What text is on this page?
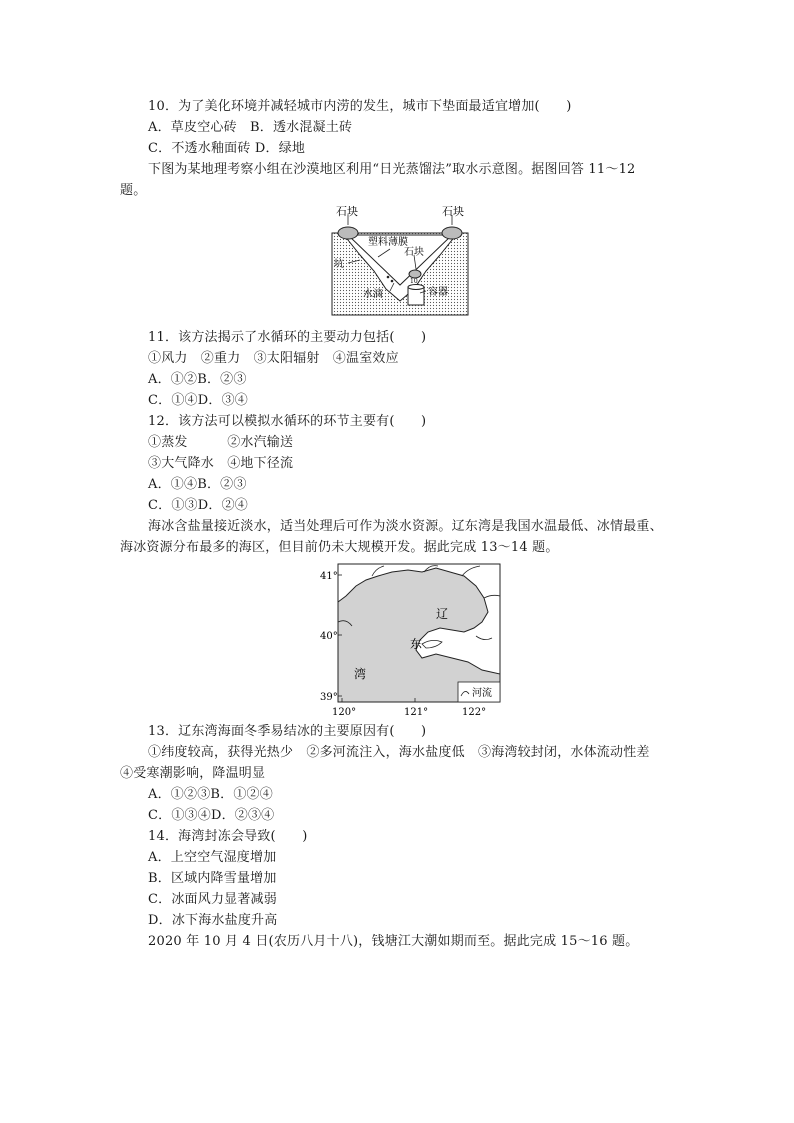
10．为了美化环境并减轻城市内涝的发生，城市下垫面最适宜增加(　　)
A．草皮空心砖　B．透水混凝土砖
C．不透水釉面砖 D．绿地
下图为某地理考察小组在沙漠地区利用“日光蒸馏法”取水示意图。据图回答 11～12
题。
石块	石块
塑料薄膜
石块
坑
10
水滴	容器
11．该方法揭示了水循环的主要动力包括(　　)
①风力　②重力　③太阳辐射　④温室效应
A．①②B．②③
C．①④D．③④
12．该方法可以模拟水循环的环节主要有(　　)
①蒸发　　　②水汽输送
③大气降水　④地下径流
A．①④B．②③
C．①③D．②④
海冰含盐量接近淡水，适当处理后可作为淡水资源。辽东湾是我国水温最低、冰情最重、
海冰资源分布最多的海区，但目前仍未大规模开发。据此完成 13～14 题。
41°
40°
39°
120°	121°	122°
辽
东
湾
河流
13．辽东湾海面冬季易结冰的主要原因有(　　)
①纬度较高，获得光热少　②多河流注入，海水盐度低　③海湾较封闭，水体流动性差
④受寒潮影响，降温明显
A．①②③B．①②④
C．①③④D．②③④
14．海湾封冻会导致(　　)
A．上空空气湿度增加
B．区域内降雪量增加
C．冰面风力显著减弱
D．冰下海水盐度升高
2020 年 10 月 4 日(农历八月十八)，钱塘江大潮如期而至。据此完成 15～16 题。
